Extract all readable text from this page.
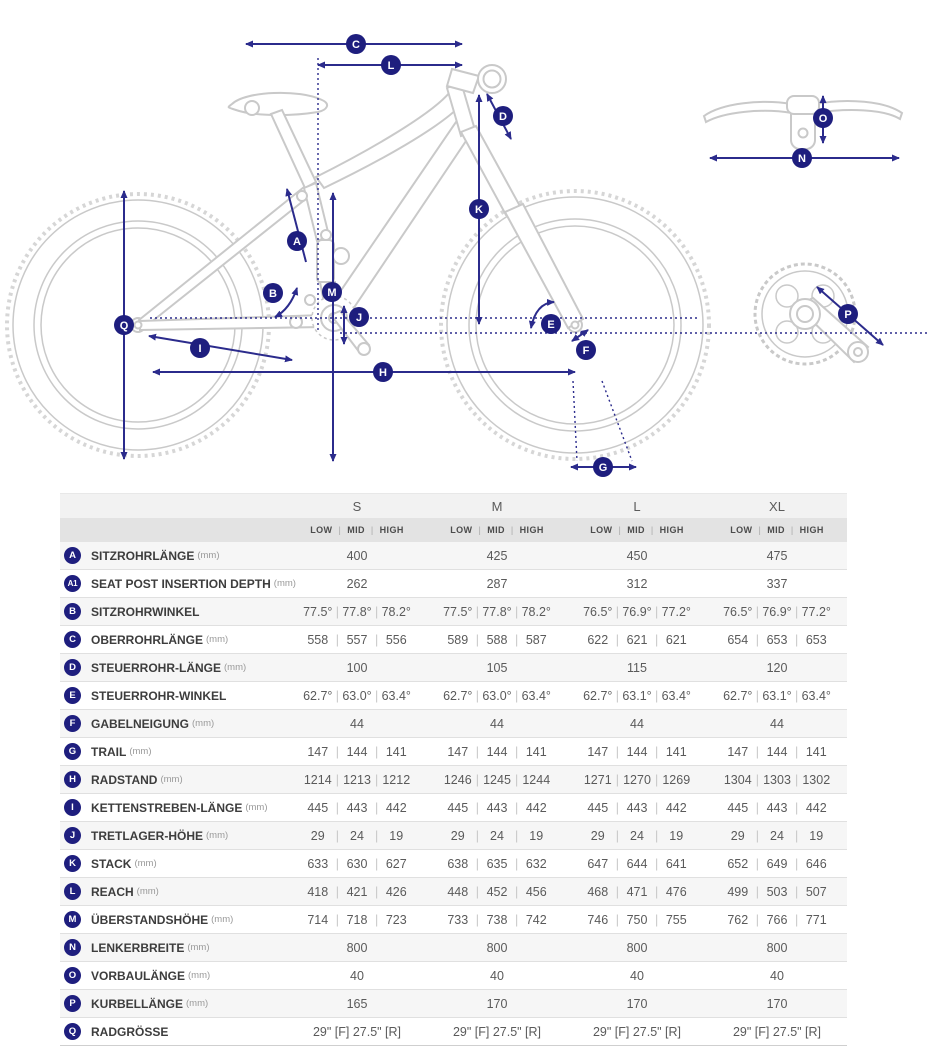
C
L
D
K
A
B	M
J
Q
I
H
E
F
G
O
N
P
S	M	L	XL
LOW | MID | HIGH	LOW | MID | HIGH	LOW | MID | HIGH	LOW | MID | HIGH
A	SITZROHRLÄNGE (mm)	400	425	450	475
A1	SEAT POST INSERTION DEPTH (mm)	262	287	312	337
B	SITZROHRWINKEL	77.5° | 77.8° | 78.2°	77.5° | 77.8° | 78.2°	76.5° | 76.9° | 77.2°	76.5° | 76.9° | 77.2°
C	OBERROHRLÄNGE (mm)	558 | 557 | 556	589 | 588 | 587	622 | 621 | 621	654 | 653 | 653
D	STEUERROHR-LÄNGE (mm)	100	105	115	120
E	STEUERROHR-WINKEL	62.7° | 63.0° | 63.4°	62.7° | 63.0° | 63.4°	62.7° | 63.1° | 63.4°	62.7° | 63.1° | 63.4°
F	GABELNEIGUNG (mm)	44	44	44	44
G	TRAIL (mm)	147 | 144 | 141	147 | 144 | 141	147 | 144 | 141	147 | 144 | 141
H	RADSTAND (mm)	1214 | 1213 | 1212	1246 | 1245 | 1244	1271 | 1270 | 1269	1304 | 1303 | 1302
I	KETTENSTREBEN-LÄNGE (mm)	445 | 443 | 442	445 | 443 | 442	445 | 443 | 442	445 | 443 | 442
J	TRETLAGER-HÖHE (mm)	29 | 24 | 19	29 | 24 | 19	29 | 24 | 19	29 | 24 | 19
K	STACK (mm)	633 | 630 | 627	638 | 635 | 632	647 | 644 | 641	652 | 649 | 646
L	REACH (mm)	418 | 421 | 426	448 | 452 | 456	468 | 471 | 476	499 | 503 | 507
M	ÜBERSTANDSHÖHE (mm)	714 | 718 | 723	733 | 738 | 742	746 | 750 | 755	762 | 766 | 771
N	LENKERBREITE (mm)	800	800	800	800
O	VORBAULÄNGE (mm)	40	40	40	40
P	KURBELLÄNGE (mm)	165	170	170	170
Q	RADGRÖSSE	29" [F] 27.5" [R]	29" [F] 27.5" [R]	29" [F] 27.5" [R]	29" [F] 27.5" [R]
